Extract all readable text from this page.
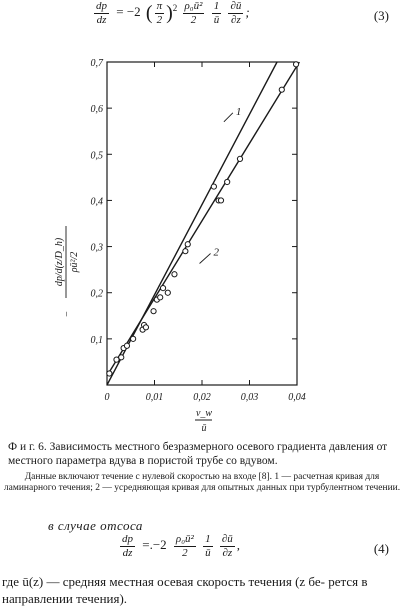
$\frac{dp}{dz} = -2$ ( $\frac{\pi}{2} )^2 \frac{\text{ρ₀ū²}}{2}$
$\frac{1}{ū}$
$\frac{\partial ū}{\partial z}$ ;	(3)
0	0,01	0,02	0,03	0,04
0,1
0,2
0,3
0,4
0,5
0,6
0,7
v_w
ū
−
dp/d(z/D_h) ρū²/2
1
2
Ф и г. 6. Зависимость местного безразмерного осевого градиента давления от местного параметра вдува в пористой трубе со вдувом.
Данные включают течение с нулевой скоростью на входе [8]. 1 — расчетная кривая для ламинарного течения; 2 — усредняющая кривая для опытных данных при турбулентном течении.
в случае отсоса
$\frac{dp}{dz} =.-2 \frac{\text{ρ₀ū²}}{2}$
$\frac{1}{ū}$
$\frac{\partial ū}{\partial z}$ ,	(4)
где ū(z) — средняя местная осевая скорость течения (z бе- рется в направлении течения).
